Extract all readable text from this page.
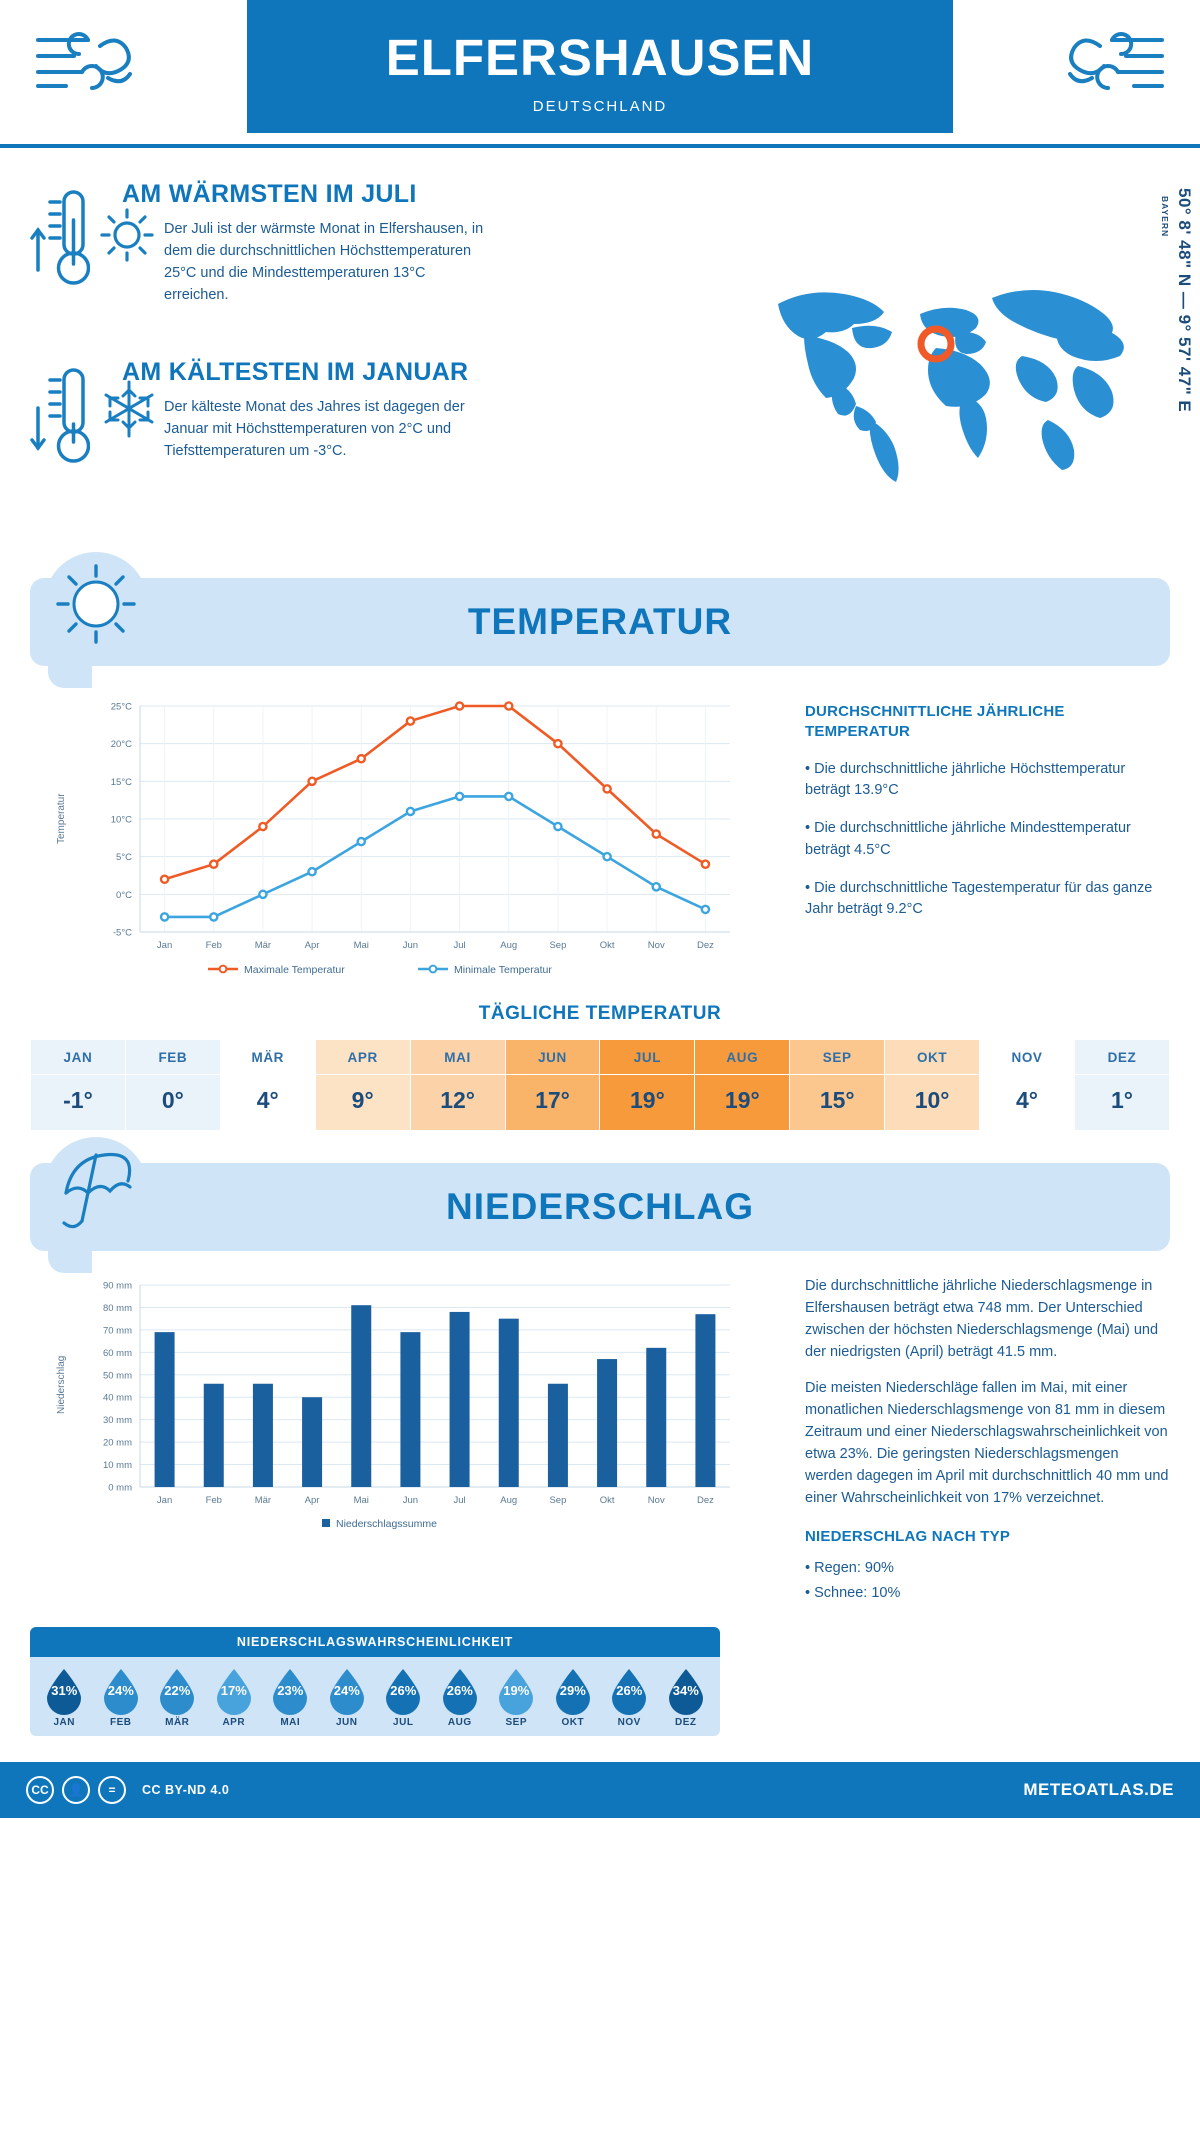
ELFERSHAUSEN
DEUTSCHLAND
AM WÄRMSTEN IM JULI
Der Juli ist der wärmste Monat in Elfershausen, in dem die durchschnittlichen Höchsttemperaturen 25°C und die Mindesttemperaturen 13°C erreichen.
AM KÄLTESTEN IM JANUAR
Der kälteste Monat des Jahres ist dagegen der Januar mit Höchsttemperaturen von 2°C und Tiefsttemperaturen um -3°C.
50° 8' 48" N — 9° 57' 47" E
BAYERN
TEMPERATUR
-5°C
0°C
5°C
10°C
15°C
20°C
25°C
Jan	Feb	Mär	Apr	Mai	Jun	Jul	Aug	Sep	Okt	Nov	Dez
Temperatur
Maximale Temperatur	Minimale Temperatur
DURCHSCHNITTLICHE JÄHRLICHE TEMPERATUR
• Die durchschnittliche jährliche Höchsttemperatur beträgt 13.9°C
• Die durchschnittliche jährliche Mindesttemperatur beträgt 4.5°C
• Die durchschnittliche Tagestemperatur für das ganze Jahr beträgt 9.2°C
TÄGLICHE TEMPERATUR
JAN	FEB	MÄR	APR	MAI	JUN	JUL	AUG	SEP	OKT	NOV	DEZ
-1°	0°	4°	9°	12°	17°	19°	19°	15°	10°	4°	1°
NIEDERSCHLAG
0 mm
10 mm
20 mm
30 mm
40 mm
50 mm
60 mm
70 mm
80 mm
90 mm
Jan	Feb	Mär	Apr	Mai	Jun	Jul	Aug	Sep	Okt	Nov	Dez
Niederschlag
Niederschlagssumme
Die durchschnittliche jährliche Niederschlagsmenge in Elfershausen beträgt etwa 748 mm. Der Unterschied zwischen der höchsten Niederschlagsmenge (Mai) und der niedrigsten (April) beträgt 41.5 mm.
Die meisten Niederschläge fallen im Mai, mit einer monatlichen Niederschlagsmenge von 81 mm in diesem Zeitraum und einer Niederschlagswahrscheinlichkeit von etwa 23%. Die geringsten Niederschlagsmengen werden dagegen im April mit durchschnittlich 40 mm und einer Wahrscheinlichkeit von 17% verzeichnet.
NIEDERSCHLAG NACH TYP
• Regen: 90%
• Schnee: 10%
NIEDERSCHLAGSWAHRSCHEINLICHKEIT
31%
JAN
24%
FEB
22%
MÄR
17%
APR
23%
MAI
24%
JUN
26%
JUL
26%
AUG
19%
SEP
29%
OKT
26%
NOV
34%
DEZ
CC	👤	=	CC BY-ND 4.0	METEOATLAS.DE
